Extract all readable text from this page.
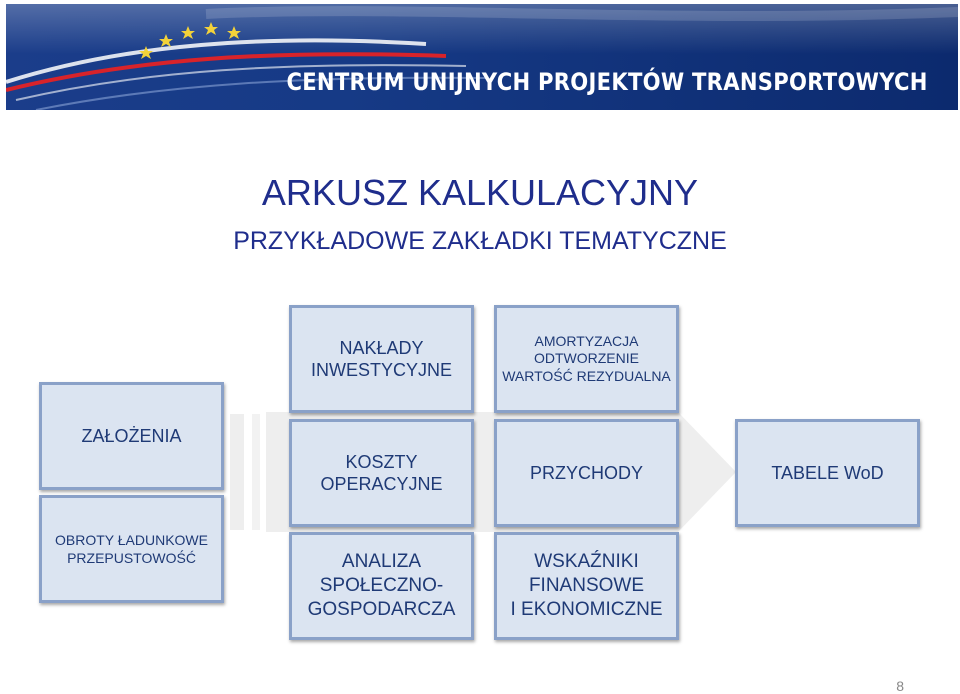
CENTRUM UNIJNYCH PROJEKTÓW TRANSPORTOWYCH
ARKUSZ KALKULACYJNY
PRZYKŁADOWE ZAKŁADKI TEMATYCZNE
ZAŁOŻENIA
OBROTY ŁADUNKOWE
PRZEPUSTOWOŚĆ
NAKŁADY
INWESTYCYJNE
KOSZTY
OPERACYJNE
ANALIZA
SPOŁECZNO-
GOSPODARCZA
AMORTYZACJA
ODTWORZENIE
WARTOŚĆ REZYDUALNA
PRZYCHODY
WSKAŹNIKI
FINANSOWE
I EKONOMICZNE
TABELE WoD
8
